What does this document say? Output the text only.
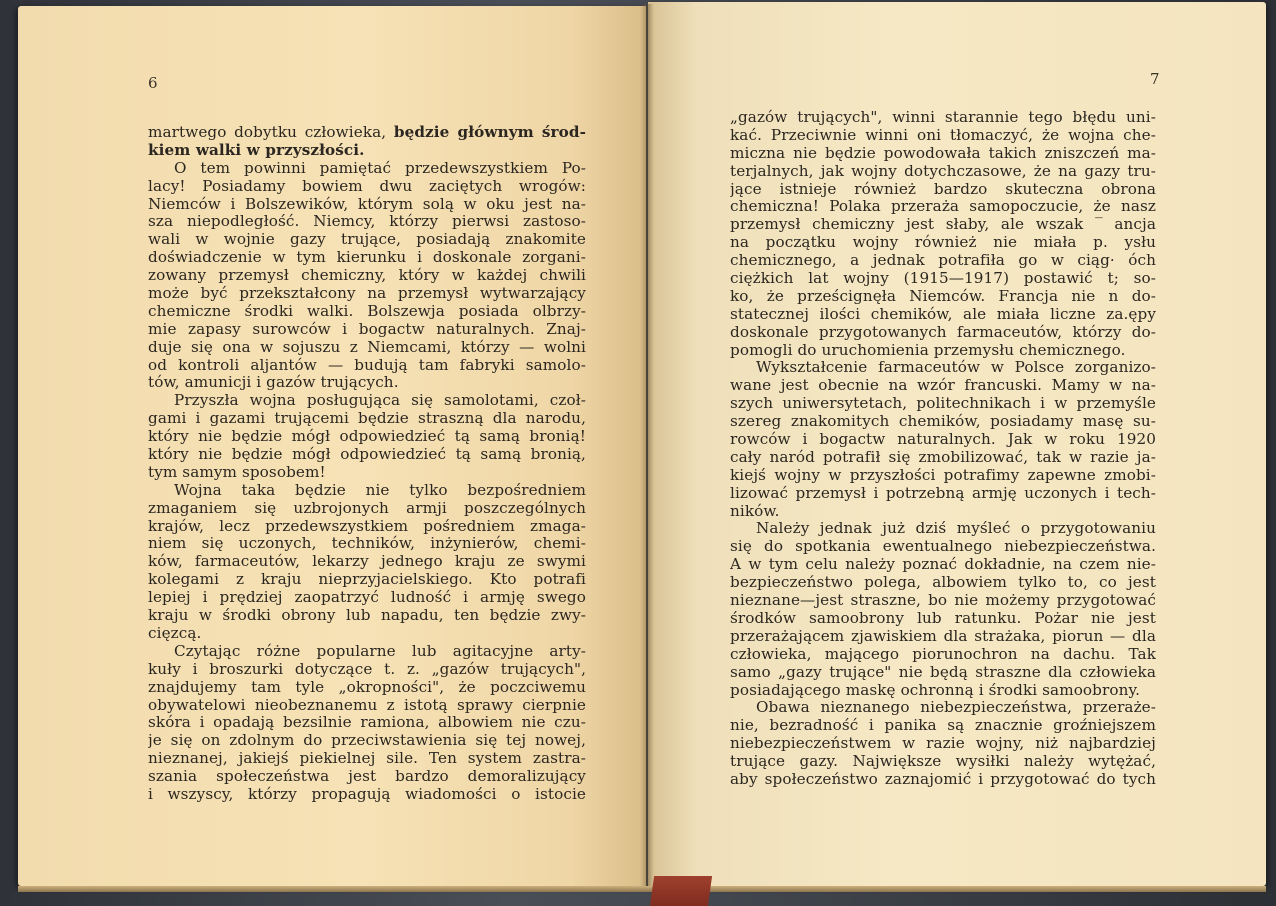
6
martwego dobytku człowieka, będzie głównym środ-
kiem walki w przyszłości.
O tem powinni pamiętać przedewszystkiem Po-
lacy! Posiadamy bowiem dwu zaciętych wrogów:
Niemców i Bolszewików, którym solą w oku jest na-
sza niepodległość. Niemcy, którzy pierwsi zastoso-
wali w wojnie gazy trujące, posiadają znakomite
doświadczenie w tym kierunku i doskonale zorgani-
zowany przemysł chemiczny, który w każdej chwili
może być przekształcony na przemysł wytwarzający
chemiczne środki walki. Bolszewja posiada olbrzy-
mie zapasy surowców i bogactw naturalnych. Znaj-
duje się ona w sojuszu z Niemcami, którzy — wolni
od kontroli aljantów — budują tam fabryki samolo-
tów, amunicji i gazów trujących.
Przyszła wojna posługująca się samolotami, czoł-
gami i gazami trującemi będzie straszną dla narodu,
który nie będzie mógł odpowiedzieć tą samą bronią!
który nie będzie mógł odpowiedzieć tą samą bronią,
tym samym sposobem!
Wojna taka będzie nie tylko bezpośredniem
zmaganiem się uzbrojonych armji poszczególnych
krajów, lecz przedewszystkiem pośredniem zmaga-
niem się uczonych, techników, inżynierów, chemi-
ków, farmaceutów, lekarzy jednego kraju ze swymi
kolegami z kraju nieprzyjacielskiego. Kto potrafi
lepiej i prędziej zaopatrzyć ludność i armję swego
kraju w środki obrony lub napadu, ten będzie zwy-
cięzcą.
Czytając różne popularne lub agitacyjne arty-
kuły i broszurki dotyczące t. z. „gazów trujących",
znajdujemy tam tyle „okropności", że poczciwemu
obywatelowi nieobeznanemu z istotą sprawy cierpnie
skóra i opadają bezsilnie ramiona, albowiem nie czu-
je się on zdolnym do przeciwstawienia się tej nowej,
nieznanej, jakiejś piekielnej sile. Ten system zastra-
szania społeczeństwa jest bardzo demoralizujący
i wszyscy, którzy propagują wiadomości o istocie
7
„gazów trujących", winni starannie tego błędu uni-
kać. Przeciwnie winni oni tłomaczyć, że wojna che-
miczna nie będzie powodowała takich zniszczeń ma-
terjalnych, jak wojny dotychczasowe, że na gazy tru-
jące istnieje również bardzo skuteczna obrona
chemiczna! Polaka przeraża samopoczucie, że nasz
przemysł chemiczny jest słaby, ale wszak ‾ ancja
na początku wojny również nie miała p. ysłu
chemicznego, a jednak potrafiła go w ciąg· óch
ciężkich lat wojny (1915—1917) postawić t; so-
ko, że prześcignęła Niemców. Francja nie n do-
statecznej ilości chemików, ale miała liczne za.ępy
doskonale przygotowanych farmaceutów, którzy do-
pomogli do uruchomienia przemysłu chemicznego.
Wykształcenie farmaceutów w Polsce zorganizo-
wane jest obecnie na wzór francuski. Mamy w na-
szych uniwersytetach, politechnikach i w przemyśle
szereg znakomitych chemików, posiadamy masę su-
rowców i bogactw naturalnych. Jak w roku 1920
cały naród potrafił się zmobilizować, tak w razie ja-
kiejś wojny w przyszłości potrafimy zapewne zmobi-
lizować przemysł i potrzebną armję uczonych i tech-
ników.
Należy jednak już dziś myśleć o przygotowaniu
się do spotkania ewentualnego niebezpieczeństwa.
A w tym celu należy poznać dokładnie, na czem nie-
bezpieczeństwo polega, albowiem tylko to, co jest
nieznane—jest straszne, bo nie możemy przygotować
środków samoobrony lub ratunku. Pożar nie jest
przerażającem zjawiskiem dla strażaka, piorun — dla
człowieka, mającego piorunochron na dachu. Tak
samo „gazy trujące" nie będą straszne dla człowieka
posiadającego maskę ochronną i środki samoobrony.
Obawa nieznanego niebezpieczeństwa, przeraże-
nie, bezradność i panika są znacznie groźniejszem
niebezpieczeństwem w razie wojny, niż najbardziej
trujące gazy. Największe wysiłki należy wytężać,
aby społeczeństwo zaznajomić i przygotować do tych
